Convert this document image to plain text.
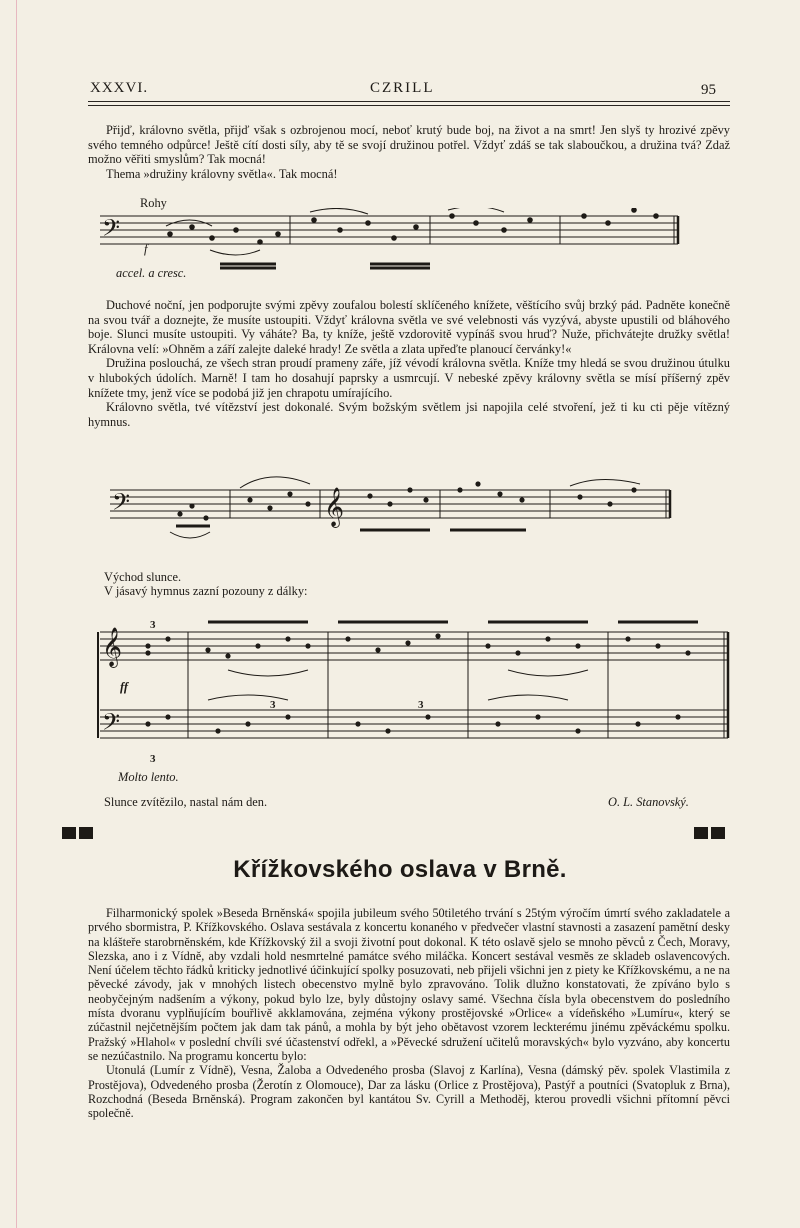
XXXVI.	CZRILL	95

Přijď, královno světla, přijď však s ozbrojenou mocí, neboť krutý bude boj, na život a na smrt! Jen slyš ty hrozivé zpěvy svého temného odpůrce! Ještě cítí dosti síly, aby tě se svojí družinou potřel. Vždyť zdáš se tak slaboučkou, a družina tvá? Zdaž možno věřiti smyslům? Tak mocná!

Thema »družiny královny světla«. Tak mocná!

Rohy
𝄢
f
accel. a cresc.

Duchové noční, jen podporujte svými zpěvy zoufalou bolestí sklíčeného knížete, věštícího svůj brzký pád. Padněte konečně na svou tvář a doznejte, že musíte ustoupiti. Vždyť královna světla ve své velebnosti vás vyzývá, abyste upustili od bláhového boje. Slunci musíte ustoupiti. Vy váháte? Ba, ty kníže, ještě vzdorovitě vypínáš svou hruď? Nuže, přichvátejte družky světla! Královna velí: »Ohněm a září zalejte daleké hrady! Ze světla a zlata upřeďte planoucí červánky!«

Družina poslouchá, ze všech stran proudí prameny záře, jíž vévodí královna světla. Kníže tmy hledá se svou družinou útulku v hlubokých údolích. Marně! I tam ho dosahují paprsky a usmrcují. V nebeské zpěvy královny světla se mísí příšerný zpěv knížete tmy, jenž více se podobá již jen chrapotu umírajícího.

Královno světla, tvé vítězství jest dokonalé. Svým božským světlem jsi napojila celé stvoření, jež ti ku cti pěje vítězný hymnus.

𝄢	𝄞
Východ slunce.
V jásavý hymnus zazní pozouny z dálky:
𝄞
𝄢
3
3	3
ff
Molto lento.
3
Slunce zvítězilo, nastal nám den.	O. L. Stanovský.
Křížkovského oslava v Brně.

Filharmonický spolek »Beseda Brněnská« spojila jubileum svého 50tiletého trvání s 25tým výročím úmrtí svého zakladatele a prvého sbormistra, P. Křížkovského. Oslava sestávala z koncertu konaného v předvečer vlastní stavnosti a zasazení pamětní desky na klášteře starobrněnském, kde Křížkovský žil a svoji životní pout dokonal. K této oslavě sjelo se mnoho pěvců z Čech, Moravy, Slezska, ano i z Vídně, aby vzdali hold nesmrtelné památce svého miláčka. Koncert sestával vesměs ze skladeb oslavencových. Není účelem těchto řádků kriticky jednotlivé účinkující spolky posuzovati, neb přijeli všichni jen z piety ke Křížkovskému, a ne na pěvecké závody, jak v mnohých listech obecenstvo mylně bylo zpravováno. Tolik dlužno konstatovati, že zpíváno bylo s neobyčejným nadšením a výkony, pokud bylo lze, byly důstojny oslavy samé. Všechna čísla byla obecenstvem do posledního místa dvoranu vyplňujícím bouřlivě akklamována, zejména výkony prostějovské »Orlice« a vídeňského »Lumíru«, který se zúčastnil nejčetnějším počtem jak dam tak pánů, a mohla by být jeho obětavost vzorem leckterému jinému zpěváckému spolku. Pražský »Hlahol« v poslední chvíli své účastenství odřekl, a »Pěvecké sdružení učitelů moravských« bylo vyzváno, aby koncertu se nezúčastnilo. Na programu koncertu bylo:

Utonulá (Lumír z Vídně), Vesna, Žaloba a Odvedeného prosba (Slavoj z Karlína), Vesna (dámský pěv. spolek Vlastimila z Prostějova), Odvedeného prosba (Žerotín z Olomouce), Dar za lásku (Orlice z Prostějova), Pastýř a poutníci (Svatopluk z Brna), Rozchodná (Beseda Brněnská). Program zakončen byl kantátou Sv. Cyrill a Methoděj, kterou provedli všichni přítomní pěvci společně.
